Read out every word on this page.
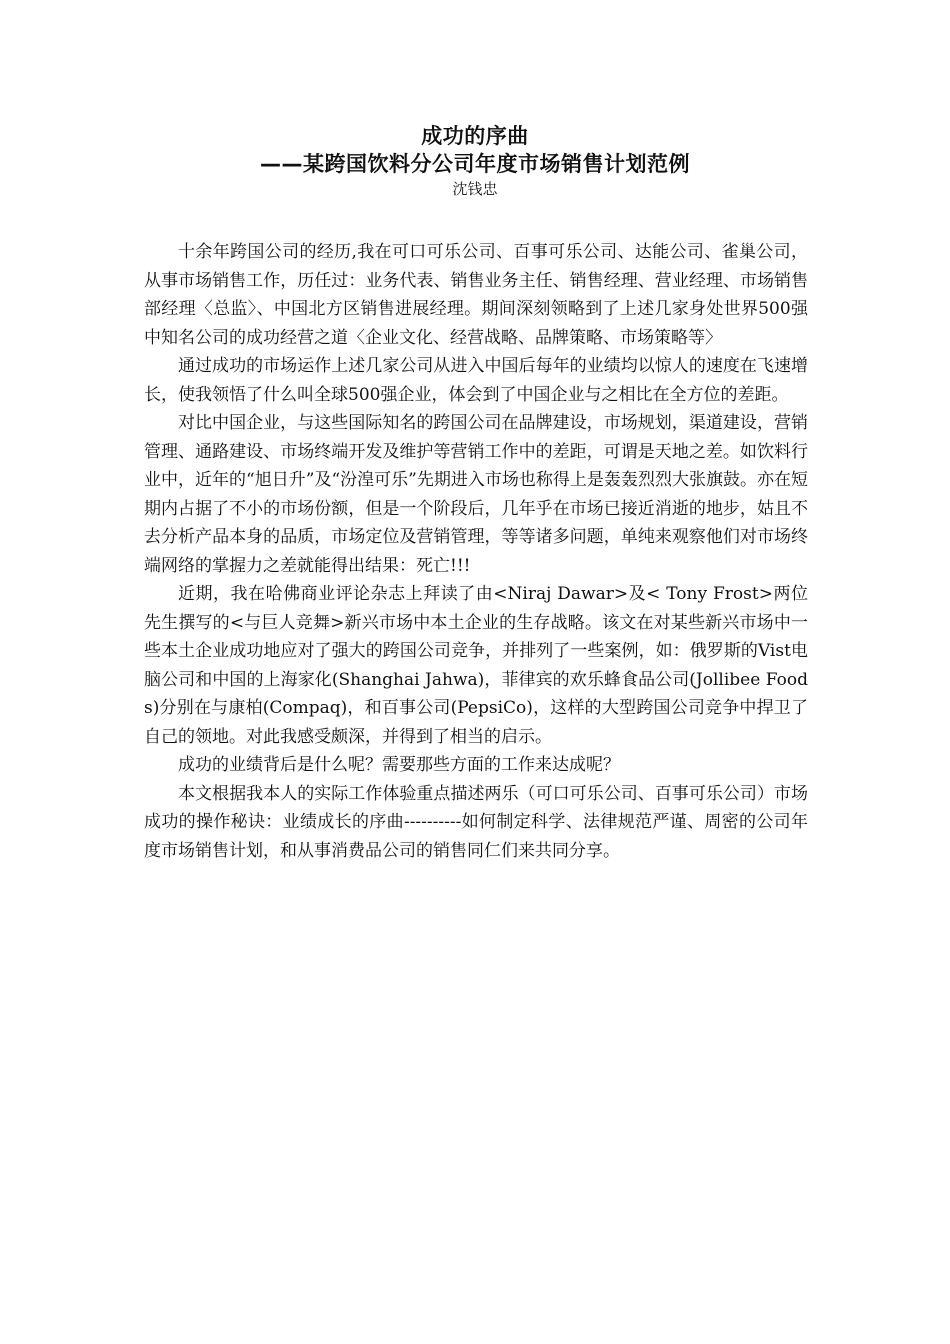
成功的序曲
——某跨国饮料分公司年度市场销售计划范例
沈钱忠

十余年跨国公司的经历,我在可口可乐公司、百事可乐公司、达能公司、雀巢公司，从事市场销售工作，历任过：业务代表、销售业务主任、销售经理、营业经理、市场销售部经理〈总监〉、中国北方区销售进展经理。期间深刻领略到了上述几家身处世界500强中知名公司的成功经营之道〈企业文化、经营战略、品牌策略、市场策略等〉

通过成功的市场运作上述几家公司从进入中国后每年的业绩均以惊人的速度在飞速增长，使我领悟了什么叫全球500强企业，体会到了中国企业与之相比在全方位的差距。

对比中国企业，与这些国际知名的跨国公司在品牌建设，市场规划，渠道建设，营销管理、通路建设、市场终端开发及维护等营销工作中的差距，可谓是天地之差。如饮料行业中，近年的“旭日升”及“汾湟可乐”先期进入市场也称得上是轰轰烈烈大张旗鼓。亦在短期内占据了不小的市场份额，但是一个阶段后，几年乎在市场已接近消逝的地步，姑且不去分析产品本身的品质，市场定位及营销管理，等等诸多问题，单纯来观察他们对市场终端网络的掌握力之差就能得出结果：死亡!!!

近期，我在哈佛商业评论杂志上拜读了由<Niraj Dawar>及< Tony Frost>两位先生撰写的<与巨人竞舞>新兴市场中本土企业的生存战略。该文在对某些新兴市场中一些本土企业成功地应对了强大的跨国公司竞争，并排列了一些案例，如：俄罗斯的Vist电脑公司和中国的上海家化(Shanghai Jahwa)，菲律宾的欢乐蜂食品公司(Jollibee Foods)分别在与康柏(Compaq)，和百事公司(PepsiCo)，这样的大型跨国公司竞争中捍卫了自己的领地。对此我感受颇深，并得到了相当的启示。

成功的业绩背后是什么呢？需要那些方面的工作来达成呢？

本文根据我本人的实际工作体验重点描述两乐（可口可乐公司、百事可乐公司）市场成功的操作秘诀：业绩成长的序曲----------如何制定科学、法律规范严谨、周密的公司年度市场销售计划，和从事消费品公司的销售同仁们来共同分享。
